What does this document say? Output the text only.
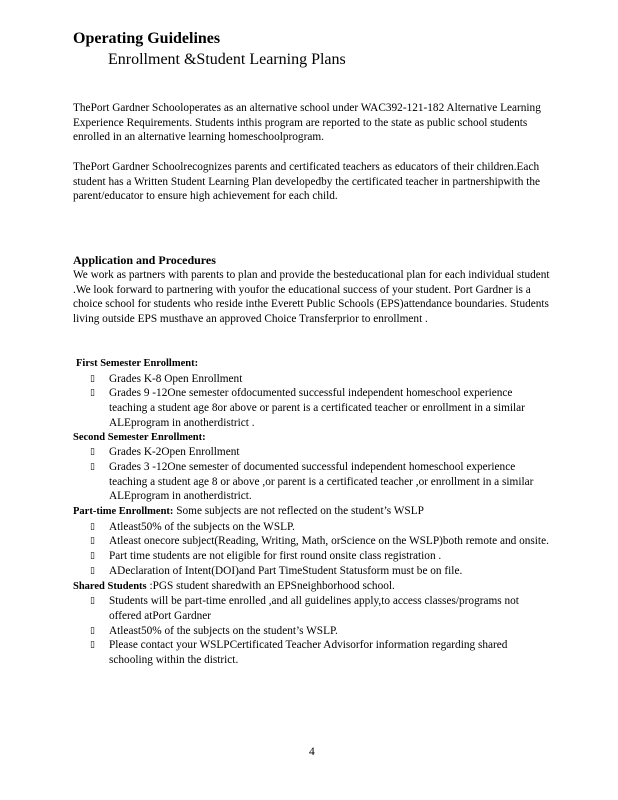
Operating Guidelines
Enrollment &Student Learning Plans
ThePort Gardner Schooloperates as an alternative school under WAC392-121-182 Alternative Learning Experience Requirements. Students inthis program are reported to the state as public school students enrolled in an alternative learning homeschoolprogram.
ThePort Gardner Schoolrecognizes parents and certificated teachers as educators of their children.Each student has a Written Student Learning Plan developedby the certificated teacher in partnershipwith the parent/educator to ensure high achievement for each child.
Application and Procedures
We work as partners with parents to plan and provide the besteducational plan for each individual student .We look forward to partnering with youfor the educational success of your student. Port Gardner is a choice school for students who reside inthe Everett Public Schools (EPS)attendance boundaries. Students living outside EPS musthave an approved Choice Transferprior to enrollment .
First Semester Enrollment:
▯ Grades K-8 Open Enrollment
▯ Grades 9 -12One semester ofdocumented successful independent homeschool experience teaching a student age 8or above or parent is a certificated teacher or enrollment in a similar ALEprogram in anotherdistrict .
Second Semester Enrollment:
▯ Grades K-2Open Enrollment
▯ Grades 3 -12One semester of documented successful independent homeschool experience teaching a student age 8 or above ,or parent is a certificated teacher ,or enrollment in a similar ALEprogram in anotherdistrict.
Part-time Enrollment: Some subjects are not reflected on the student’s WSLP
▯ Atleast50% of the subjects on the WSLP.
▯ Atleast onecore subject(Reading, Writing, Math, orScience on the WSLP)both remote and onsite.
▯ Part time students are not eligible for first round onsite class registration .
▯ ADeclaration of Intent(DOI)and Part TimeStudent Statusform must be on file.
Shared Students :PGS student sharedwith an EPSneighborhood school.
▯ Students will be part-time enrolled ,and all guidelines apply,to access classes/programs not offered atPort Gardner
▯ Atleast50% of the subjects on the student’s WSLP.
▯ Please contact your WSLPCertificated Teacher Advisorfor information regarding shared schooling within the district.
4
